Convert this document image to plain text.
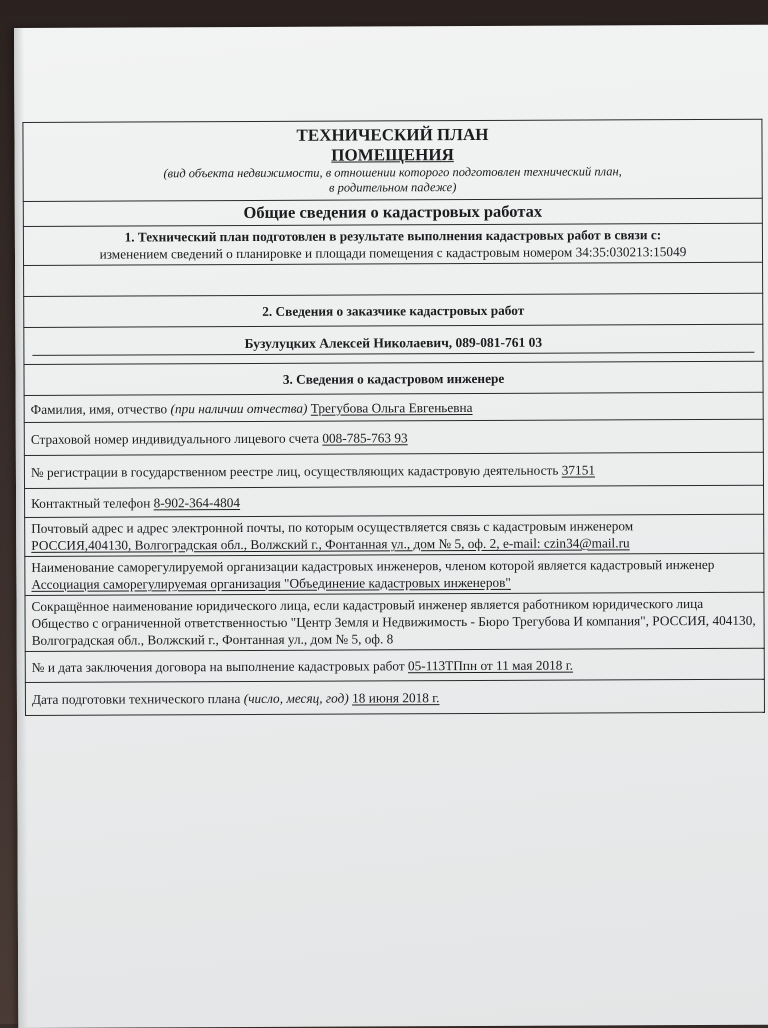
ТЕХНИЧЕСКИЙ ПЛАН
ПОМЕЩЕНИЯ
(вид объекта недвижимости, в отношении которого подготовлен технический план,
в родительном падеже)

Общие сведения о кадастровых работах

1. Технический план подготовлен в результате выполнения кадастровых работ в связи с:
изменением сведений о планировке и площади помещения с кадастровым номером 34:35:030213:15049

2. Сведения о заказчике кадастровых работ

Бузулуцких Алексей Николаевич, 089-081-761 03

3. Сведения о кадастровом инженере
Фамилия, имя, отчество (при наличии отчества) Трегубова Ольга Евгеньевна
Страховой номер индивидуального лицевого счета 008-785-763 93
№ регистрации в государственном реестре лиц, осуществляющих кадастровую деятельность 37151
Контактный телефон 8-902-364-4804

Почтовый адрес и адрес электронной почты, по которым осуществляется связь с кадастровым инженером
РОССИЯ,404130, Волгоградская обл., Волжский г., Фонтанная ул., дом № 5, оф. 2, e-mail: czin34@mail.ru

Наименование саморегулируемой организации кадастровых инженеров, членом которой является кадастровый инженер Ассоциация саморегулируемая организация "Объединение кадастровых инженеров"
Сокращённое наименование юридического лица, если кадастровый инженер является работником юридического лица Общество с ограниченной ответственностью "Центр Земля и Недвижимость - Бюро Трегубова И компания", РОССИЯ, 404130, Волгоградская обл., Волжский г., Фонтанная ул., дом № 5, оф. 8
№ и дата заключения договора на выполнение кадастровых работ 05-113ТПпн от 11 мая 2018 г.
Дата подготовки технического плана (число, месяц, год) 18 июня 2018 г.
